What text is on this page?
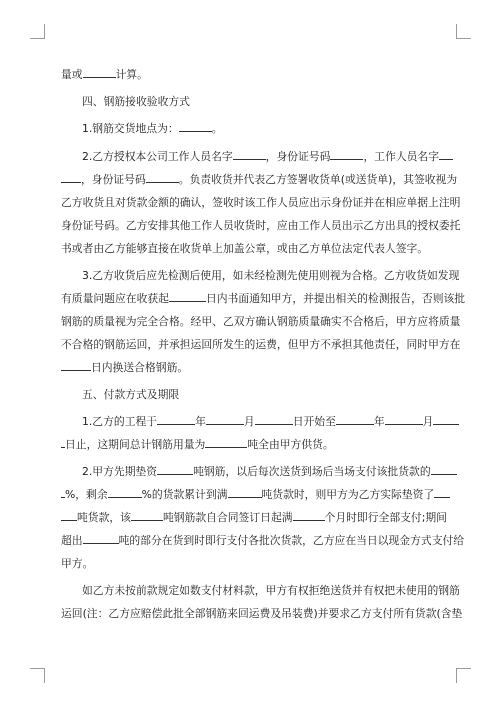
量或	计算。
四、钢筋接收验收方式
1.钢筋交货地点为：	。
2.乙方授权本公司工作人员名字	，身份证号码	，工作人员名字
，身份证号码	。负责收货并代表乙方签署收货单(或送货单)，其签收视为
乙方收货且对货款金额的确认，签收时该工作人员应出示身份证并在相应单据上注明
身份证号码。乙方安排其他工作人员收货时，应由工作人员出示乙方出具的授权委托
书或者由乙方能够直接在收货单上加盖公章，或由乙方单位法定代表人签字。
3.乙方收货后应先检测后使用，如未经检测先使用则视为合格。乙方收货如发现
有质量问题应在收获起	日内书面通知甲方，并提出相关的检测报告，否则该批
钢筋的质量视为完全合格。经甲、乙双方确认钢筋质量确实不合格后，甲方应将质量
不合格的钢筋运回，并承担运回所发生的运费，但甲方不承担其他责任，同时甲方在
日内换送合格钢筋。
五、付款方式及期限
1.乙方的工程于	年	月	日开始至	年	月
日止，这期间总计钢筋用量为	吨全由甲方供货。
2.甲方先期垫资	吨钢筋，以后每次送货到场后当场支付该批货款的
%，剩余	%的货款累计到满	吨货款时，则甲方为乙方实际垫资了
吨货款，该	吨钢筋款自合同签订日起满	个月时即行全部支付;期间
超出	吨的部分在货到时即行支付各批次货款，乙方应在当日以现金方式支付给
甲方。
如乙方未按前款规定如数支付材料款，甲方有权拒绝送货并有权把未使用的钢筋
运回(注：乙方应赔偿此批全部钢筋来回运费及吊装费)并要求乙方支付所有货款(含垫
